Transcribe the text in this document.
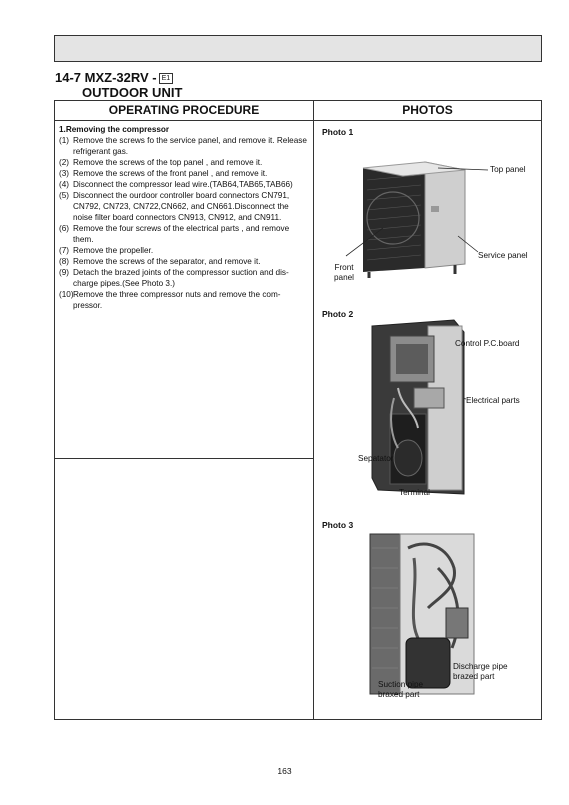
14-7 MXZ-32RV - E1
OUTDOOR UNIT
OPERATING PROCEDURE	PHOTOS
1.Removing the compressor
(1) Remove the screws fo the service panel, and remove it. Release refrigerant gas.
(2) Remove the screws of the top panel , and remove it.
(3) Remove the screws of the front panel , and remove it.
(4) Disconnect the compressor lead wire.(TAB64,TAB65,TAB66)
(5) Disconnect the ourdoor controller board connectors CN791, CN792, CN723, CN722,CN662, and CN661.Disconnect the noise filter board connectors CN913, CN912, and CN911.
(6) Remove the four screws of the electrical parts , and remove them.
(7) Remove the propeller.
(8) Remove the screws of the separator, and remove it.
(9) Detach the brazed joints of the compressor suction and dis-charge pipes.(See Photo 3.)
(10) Remove the three compressor nuts and remove the com-pressor.
Photo 1
Top panel
Service panel
Front panel
Photo 2
Control P.C.board
Electrical parts
Sepatator
Terminal
Photo 3
Discharge pipe brazed part
Suction pipe braxed part
163
